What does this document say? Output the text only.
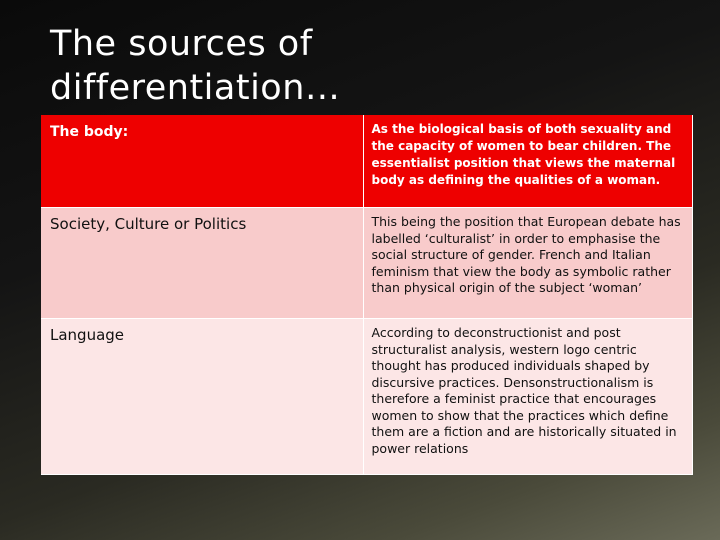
The sources of
differentiation…
The body:	As the biological basis of both sexuality and the capacity of women to bear children. The essentialist position that views the maternal body as defining the qualities of a woman.

Society, Culture or Politics	This being the position that European debate has labelled ‘culturalist’ in order to emphasise the social structure of gender. French and Italian feminism that view the body as symbolic rather than physical origin of the subject ‘woman’

Language	According to deconstructionist and post structuralist analysis, western logo centric thought has produced individuals shaped by discursive practices. Densonstructionalism is therefore a feminist practice that encourages women to show that the practices which define them are a fiction and are historically situated in power relations
